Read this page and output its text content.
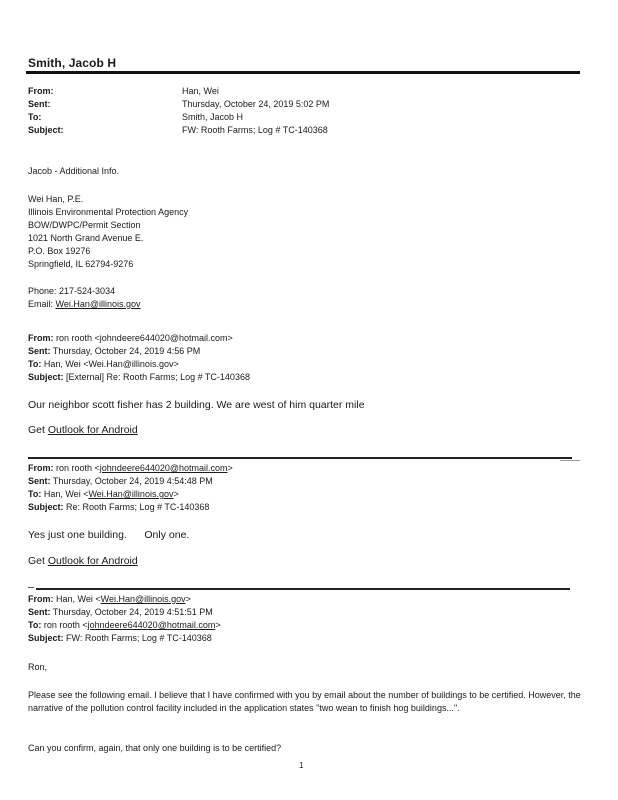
Smith, Jacob H
From:	Han, Wei
Sent:	Thursday, October 24, 2019 5:02 PM
To:	Smith, Jacob H
Subject:	FW: Rooth Farms; Log # TC-140368
Jacob - Additional Info.
Wei Han, P.E.
Illinois Environmental Protection Agency
BOW/DWPC/Permit Section
1021 North Grand Avenue E.
P.O. Box 19276
Springfield, IL 62794-9276
Phone: 217-524-3034
Email: Wei.Han@illinois.gov
From: ron rooth <johndeere644020@hotmail.com>
Sent: Thursday, October 24, 2019 4:56 PM
To: Han, Wei <Wei.Han@illinois.gov>
Subject: [External] Re: Rooth Farms; Log # TC-140368
Our neighbor scott fisher has 2 building. We are west of him quarter mile
Get Outlook for Android
From: ron rooth <johndeere644020@hotmail.com>
Sent: Thursday, October 24, 2019 4:54:48 PM
To: Han, Wei <Wei.Han@illinois.gov>
Subject: Re: Rooth Farms; Log # TC-140368
Yes just one building.      Only one.
Get Outlook for Android
From: Han, Wei <Wei.Han@illinois.gov>
Sent: Thursday, October 24, 2019 4:51:51 PM
To: ron rooth <johndeere644020@hotmail.com>
Subject: FW: Rooth Farms; Log # TC-140368
Ron,
Please see the following email. I believe that I have confirmed with you by email about the number of buildings to be certified. However, the narrative of the pollution control facility included in the application states "two wean to finish hog buildings...".
Can you confirm, again, that only one building is to be certified?
1
